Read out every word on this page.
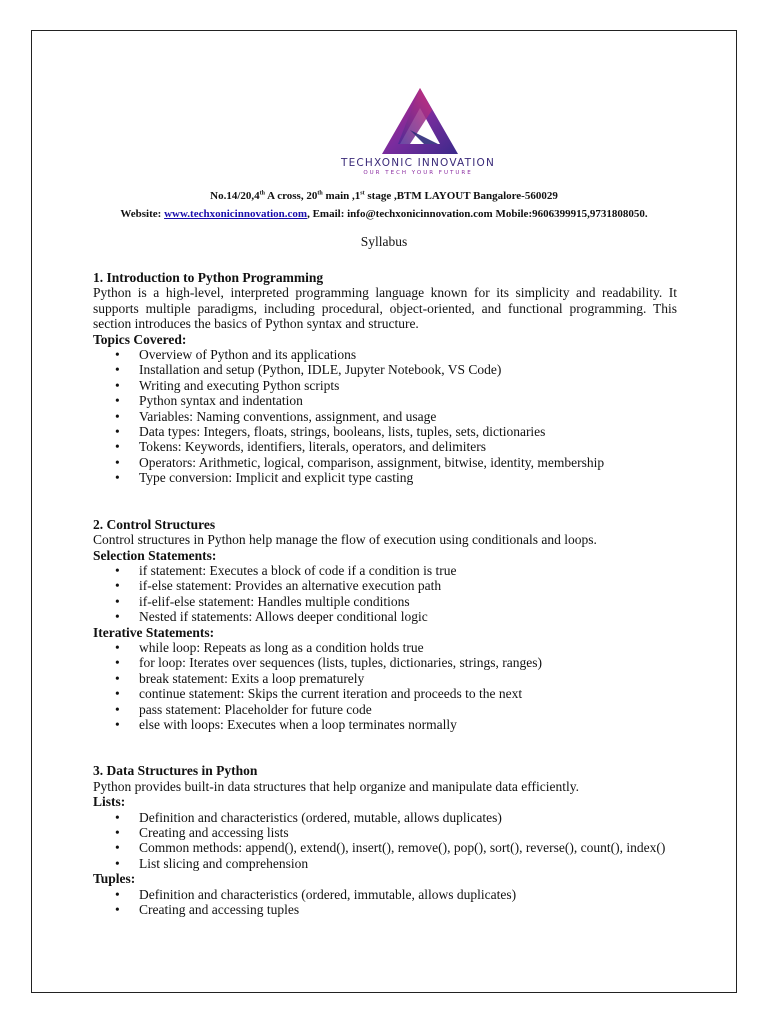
TECHXONIC INNOVATION
OUR TECH YOUR FUTURE
No.14/20,4th A cross, 20th main ,1st stage ,BTM LAYOUT Bangalore-560029
Website: www.techxonicinnovation.com, Email: info@techxonicinnovation.com Mobile:9606399915,9731808050.
Syllabus

1. Introduction to Python Programming

Python is a high-level, interpreted programming language known for its simplicity and readability. It supports multiple paradigms, including procedural, object-oriented, and functional programming. This section introduces the basics of Python syntax and structure.

Topics Covered:

• Overview of Python and its applications
• Installation and setup (Python, IDLE, Jupyter Notebook, VS Code)
• Writing and executing Python scripts
• Python syntax and indentation
• Variables: Naming conventions, assignment, and usage
• Data types: Integers, floats, strings, booleans, lists, tuples, sets, dictionaries
• Tokens: Keywords, identifiers, literals, operators, and delimiters
• Operators: Arithmetic, logical, comparison, assignment, bitwise, identity, membership
• Type conversion: Implicit and explicit type casting

2. Control Structures

Control structures in Python help manage the flow of execution using conditionals and loops.

Selection Statements:

• if statement: Executes a block of code if a condition is true
• if-else statement: Provides an alternative execution path
• if-elif-else statement: Handles multiple conditions
• Nested if statements: Allows deeper conditional logic

Iterative Statements:

• while loop: Repeats as long as a condition holds true
• for loop: Iterates over sequences (lists, tuples, dictionaries, strings, ranges)
• break statement: Exits a loop prematurely
• continue statement: Skips the current iteration and proceeds to the next
• pass statement: Placeholder for future code
• else with loops: Executes when a loop terminates normally

3. Data Structures in Python

Python provides built-in data structures that help organize and manipulate data efficiently.

Lists:

• Definition and characteristics (ordered, mutable, allows duplicates)
• Creating and accessing lists
• Common methods: append(), extend(), insert(), remove(), pop(), sort(), reverse(), count(), index()
• List slicing and comprehension

Tuples:

• Definition and characteristics (ordered, immutable, allows duplicates)
• Creating and accessing tuples
